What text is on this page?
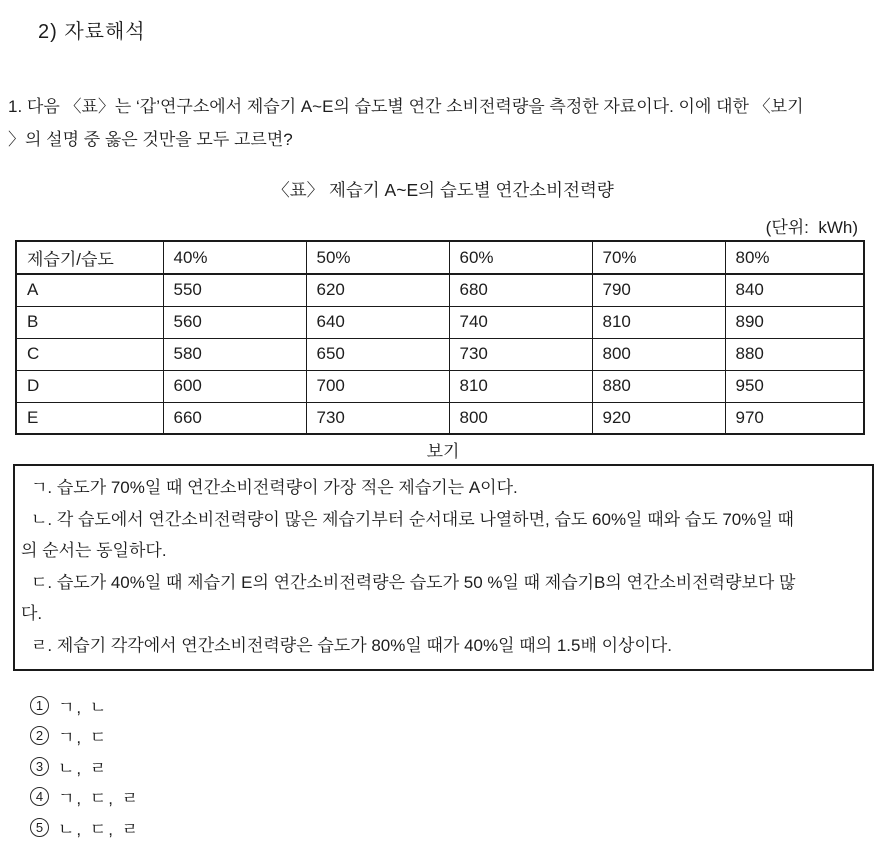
2) 자료해석
1. 다음 〈표〉는 ‘갑’연구소에서 제습기 A~E의 습도별 연간 소비전력량을 측정한 자료이다. 이에 대한 〈보기
〉의 설명 중 옳은 것만을 모두 고르면?
〈표〉 제습기 A~E의 습도별 연간소비전력량
(단위:  kWh)
제습기/습도	40%	50%	60%	70%	80%
A	550	620	680	790	840
B	560	640	740	810	890
C	580	650	730	800	880
D	600	700	810	880	950
E	660	730	800	920	970
보기
ㄱ. 습도가 70%일 때 연간소비전력량이 가장 적은 제습기는 A이다.
ㄴ. 각 습도에서 연간소비전력량이 많은 제습기부터 순서대로 나열하면, 습도 60%일 때와 습도 70%일 때
의 순서는 동일하다.
ㄷ. 습도가 40%일 때 제습기 E의 연간소비전력량은 습도가 50 %일 때 제습기B의 연간소비전력량보다 많
다.
ㄹ. 제습기 각각에서 연간소비전력량은 습도가 80%일 때가 40%일 때의 1.5배 이상이다.
1 ㄱ, ㄴ
2 ㄱ, ㄷ
3 ㄴ, ㄹ
4 ㄱ, ㄷ, ㄹ
5 ㄴ, ㄷ, ㄹ
